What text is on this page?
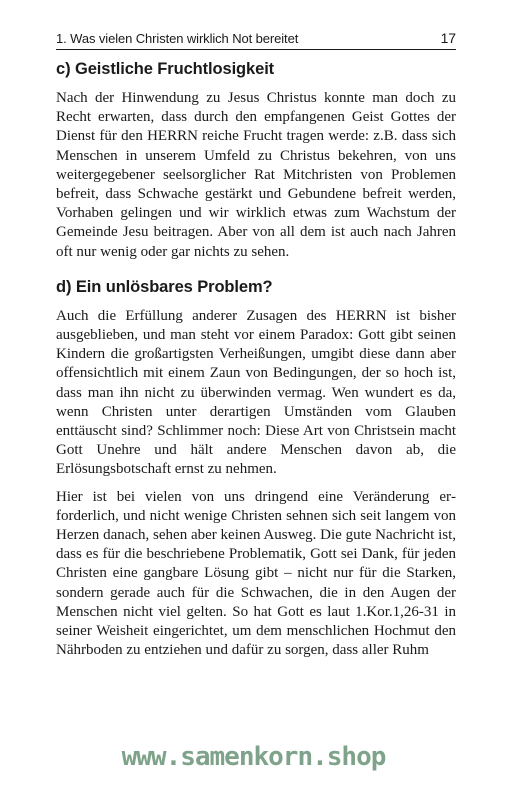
1. Was vielen Christen wirklich Not bereitet	17
c) Geistliche Fruchtlosigkeit

Nach der Hinwendung zu Jesus Christus konnte man doch zu Recht erwarten, dass durch den empfangenen Geist Gottes der Dienst für den HERRN reiche Frucht tragen werde: z.B. dass sich Menschen in unserem Umfeld zu Christus bekehren, von uns weitergegebener seelsorglicher Rat Mitchristen von Problemen befreit, dass Schwache gestärkt und Gebundene befreit werden, Vorhaben gelingen und wir wirklich etwas zum Wachstum der Gemeinde Jesu beitragen. Aber von all dem ist auch nach Jahren oft nur wenig oder gar nichts zu sehen.

d) Ein unlösbares Problem?

Auch die Erfüllung anderer Zusagen des HERRN ist bisher ausgeblieben, und man steht vor einem Paradox: Gott gibt seinen Kindern die großartigsten Verheißungen, umgibt diese dann aber offensichtlich mit einem Zaun von Bedingungen, der so hoch ist, dass man ihn nicht zu überwinden vermag. Wen wundert es da, wenn Christen unter derartigen Umständen vom Glauben enttäuscht sind? Schlimmer noch: Diese Art von Christsein macht Gott Unehre und hält andere Menschen davon ab, die Erlösungsbotschaft ernst zu nehmen.

Hier ist bei vielen von uns dringend eine Veränderung erforderlich, und nicht wenige Christen sehnen sich seit langem von Herzen danach, sehen aber keinen Ausweg. Die gute Nachricht ist, dass es für die beschriebene Problematik, Gott sei Dank, für jeden Christen eine gangbare Lösung gibt – nicht nur für die Starken, sondern gerade auch für die Schwachen, die in den Augen der Menschen nicht viel gelten. So hat Gott es laut 1.Kor.1,26-31 in seiner Weisheit eingerichtet, um dem menschlichen Hochmut den Nährboden zu entziehen und dafür zu sorgen, dass aller Ruhm

www.samenkorn.shop
